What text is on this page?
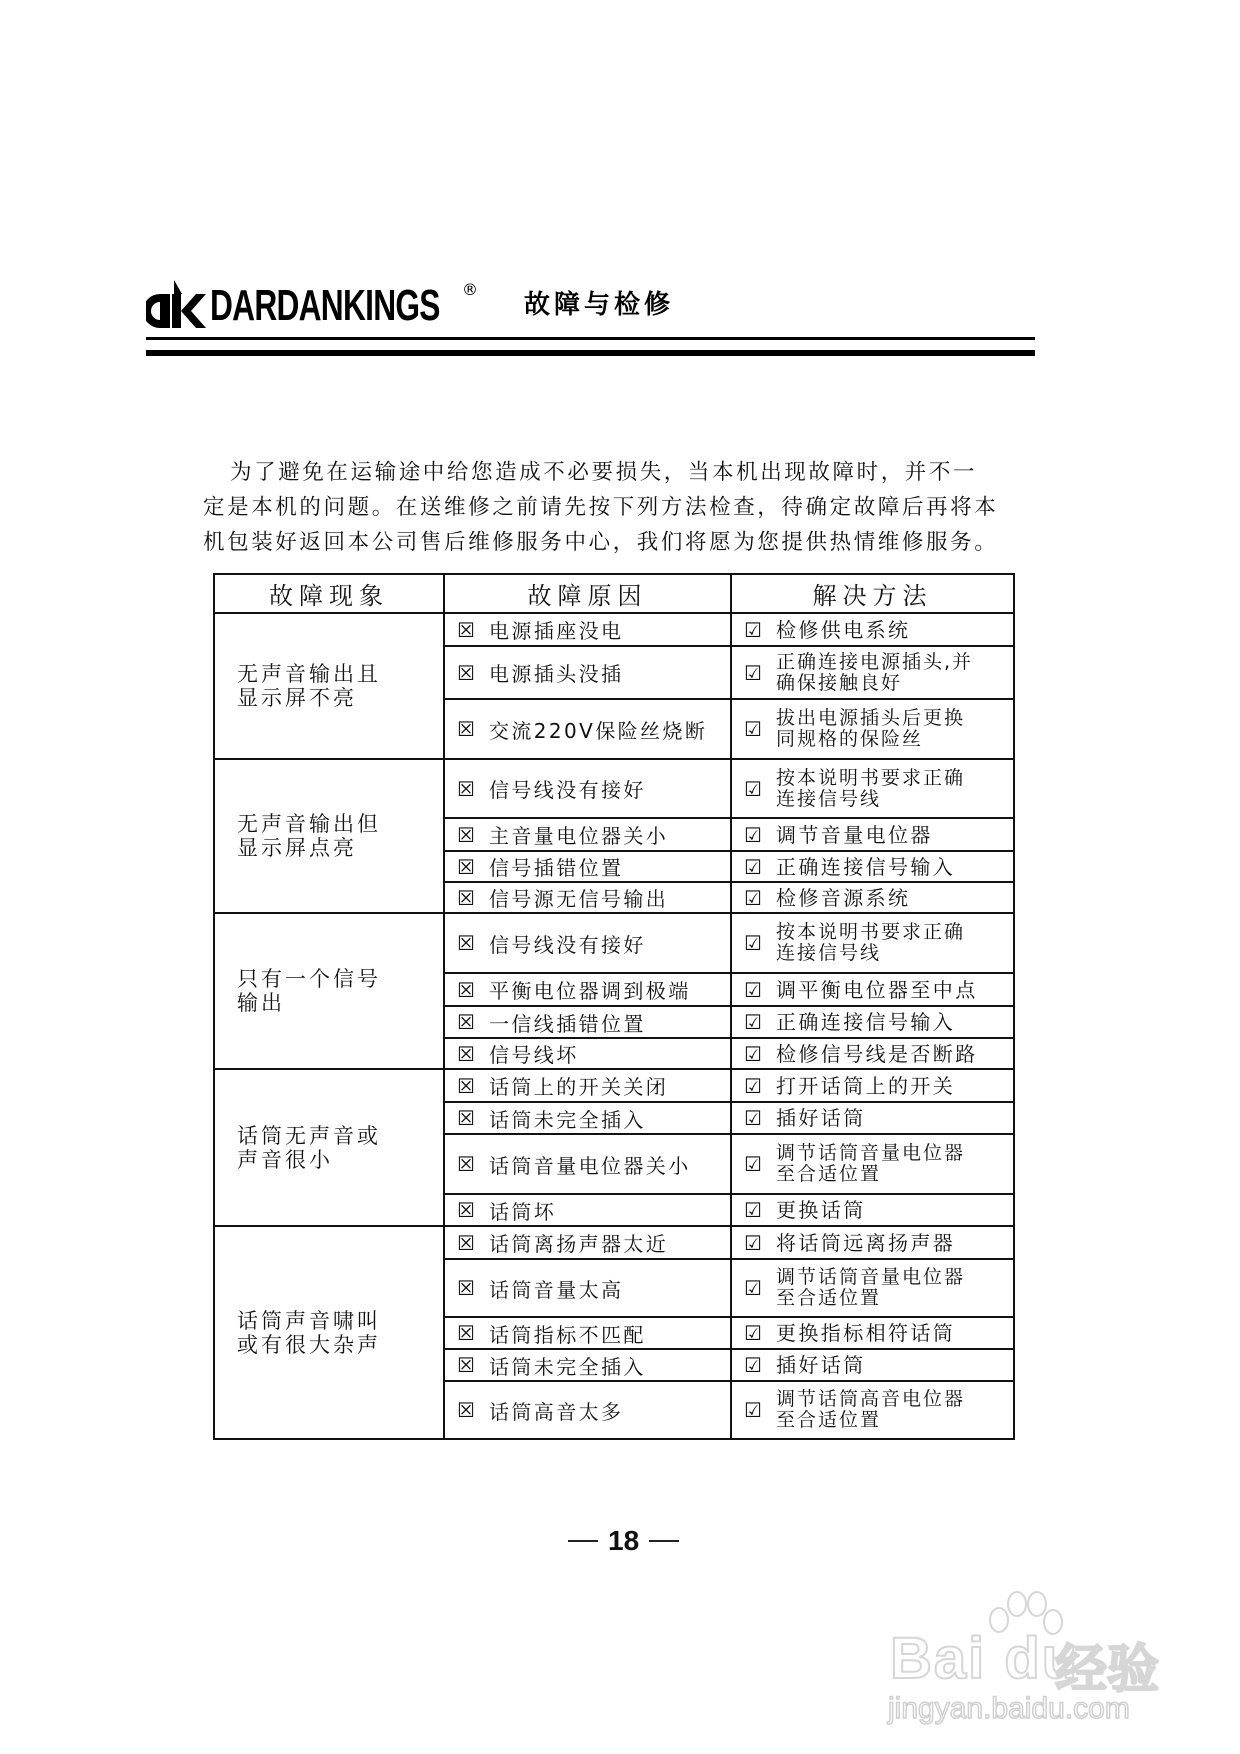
DARDANKINGS ®
故障与检修

为了避免在运输途中给您造成不必要损失，当本机出现故障时，并不一

定是本机的问题。在送维修之前请先按下列方法检查，待确定故障后再将本

机包装好返回本公司售后维修服务中心，我们将愿为您提供热情维修服务。

故障现象	故障原因	解决方法

无声音输出且
显示屏不亮

☒ 电源插座没电	☑ 检修供电系统

	☒ 电源插头没插	☑ 正确连接电源插头,并确保接触良好

	☒ 交流220V保险丝烧断	☑ 拔出电源插头后更换同规格的保险丝

无声音输出但
显示屏点亮

☒ 信号线没有接好	☑ 按本说明书要求正确连接信号线

	☒ 主音量电位器关小	☑ 调节音量电位器

	☒ 信号插错位置	☑ 正确连接信号输入

	☒ 信号源无信号输出	☑ 检修音源系统

只有一个信号
输出

☒ 信号线没有接好	☑ 按本说明书要求正确连接信号线

	☒ 平衡电位器调到极端	☑ 调平衡电位器至中点

	☒ 一信线插错位置	☑ 正确连接信号输入

	☒ 信号线坏	☑ 检修信号线是否断路

话筒无声音或
声音很小

☒ 话筒上的开关关闭	☑ 打开话筒上的开关

	☒ 话筒未完全插入	☑ 插好话筒

	☒ 话筒音量电位器关小	☑ 调节话筒音量电位器至合适位置

	☒ 话筒坏	☑ 更换话筒

话筒声音啸叫
或有很大杂声

☒ 话筒离扬声器太近	☑ 将话筒远离扬声器

	☒ 话筒音量太高	☑ 调节话筒音量电位器至合适位置

	☒ 话筒指标不匹配	☑ 更换指标相符话筒

	☒ 话筒未完全插入	☑ 插好话筒

	☒ 话筒高音太多	☑ 调节话筒高音电位器至合适位置
18
Bai du
经验
jingyan.baidu.com
